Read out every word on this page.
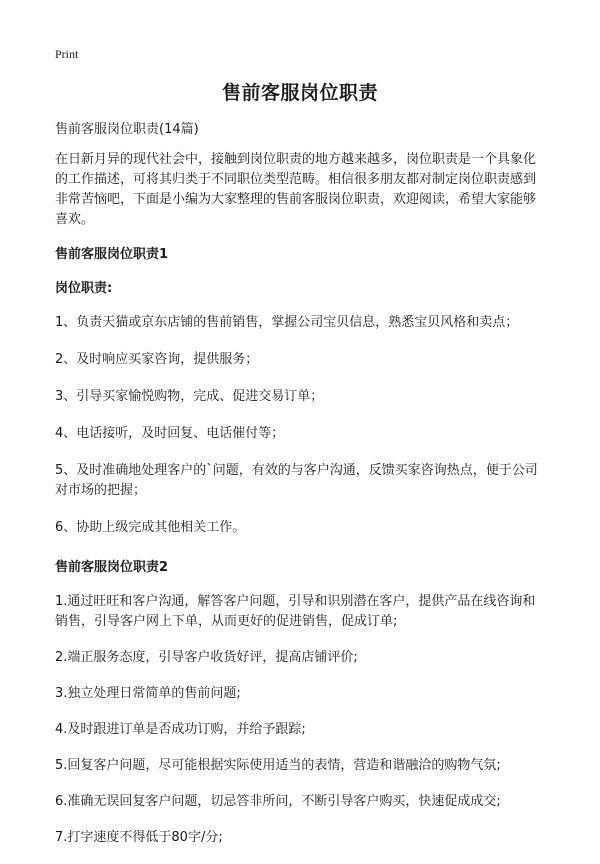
Print
售前客服岗位职责

售前客服岗位职责(14篇)

在日新月异的现代社会中，接触到岗位职责的地方越来越多，岗位职责是一个具象化的工作描述，可将其归类于不同职位类型范畴。相信很多朋友都对制定岗位职责感到非常苦恼吧，下面是小编为大家整理的售前客服岗位职责，欢迎阅读，希望大家能够喜欢。

售前客服岗位职责1

岗位职责:

1、负责天猫或京东店铺的售前销售，掌握公司宝贝信息，熟悉宝贝风格和卖点；

2、及时响应买家咨询，提供服务；

3、引导买家愉悦购物，完成、促进交易订单；

4、电话接听，及时回复、电话催付等；

5、及时准确地处理客户的`问题，有效的与客户沟通，反馈买家咨询热点，便于公司对市场的把握；

6、协助上级完成其他相关工作。

售前客服岗位职责2

1.通过旺旺和客户沟通，解答客户问题，引导和识别潜在客户，提供产品在线咨询和销售，引导客户网上下单，从而更好的促进销售，促成订单;

2.端正服务态度，引导客户收货好评，提高店铺评价;

3.独立处理日常简单的售前问题;

4.及时跟进订单是否成功订购，并给予跟踪;

5.回复客户问题，尽可能根据实际使用适当的表情，营造和谐融洽的购物气氛;

6.准确无误回复客户问题，切忌答非所问，不断引导客户购买，快速促成成交;

7.打字速度不得低于80字/分;
